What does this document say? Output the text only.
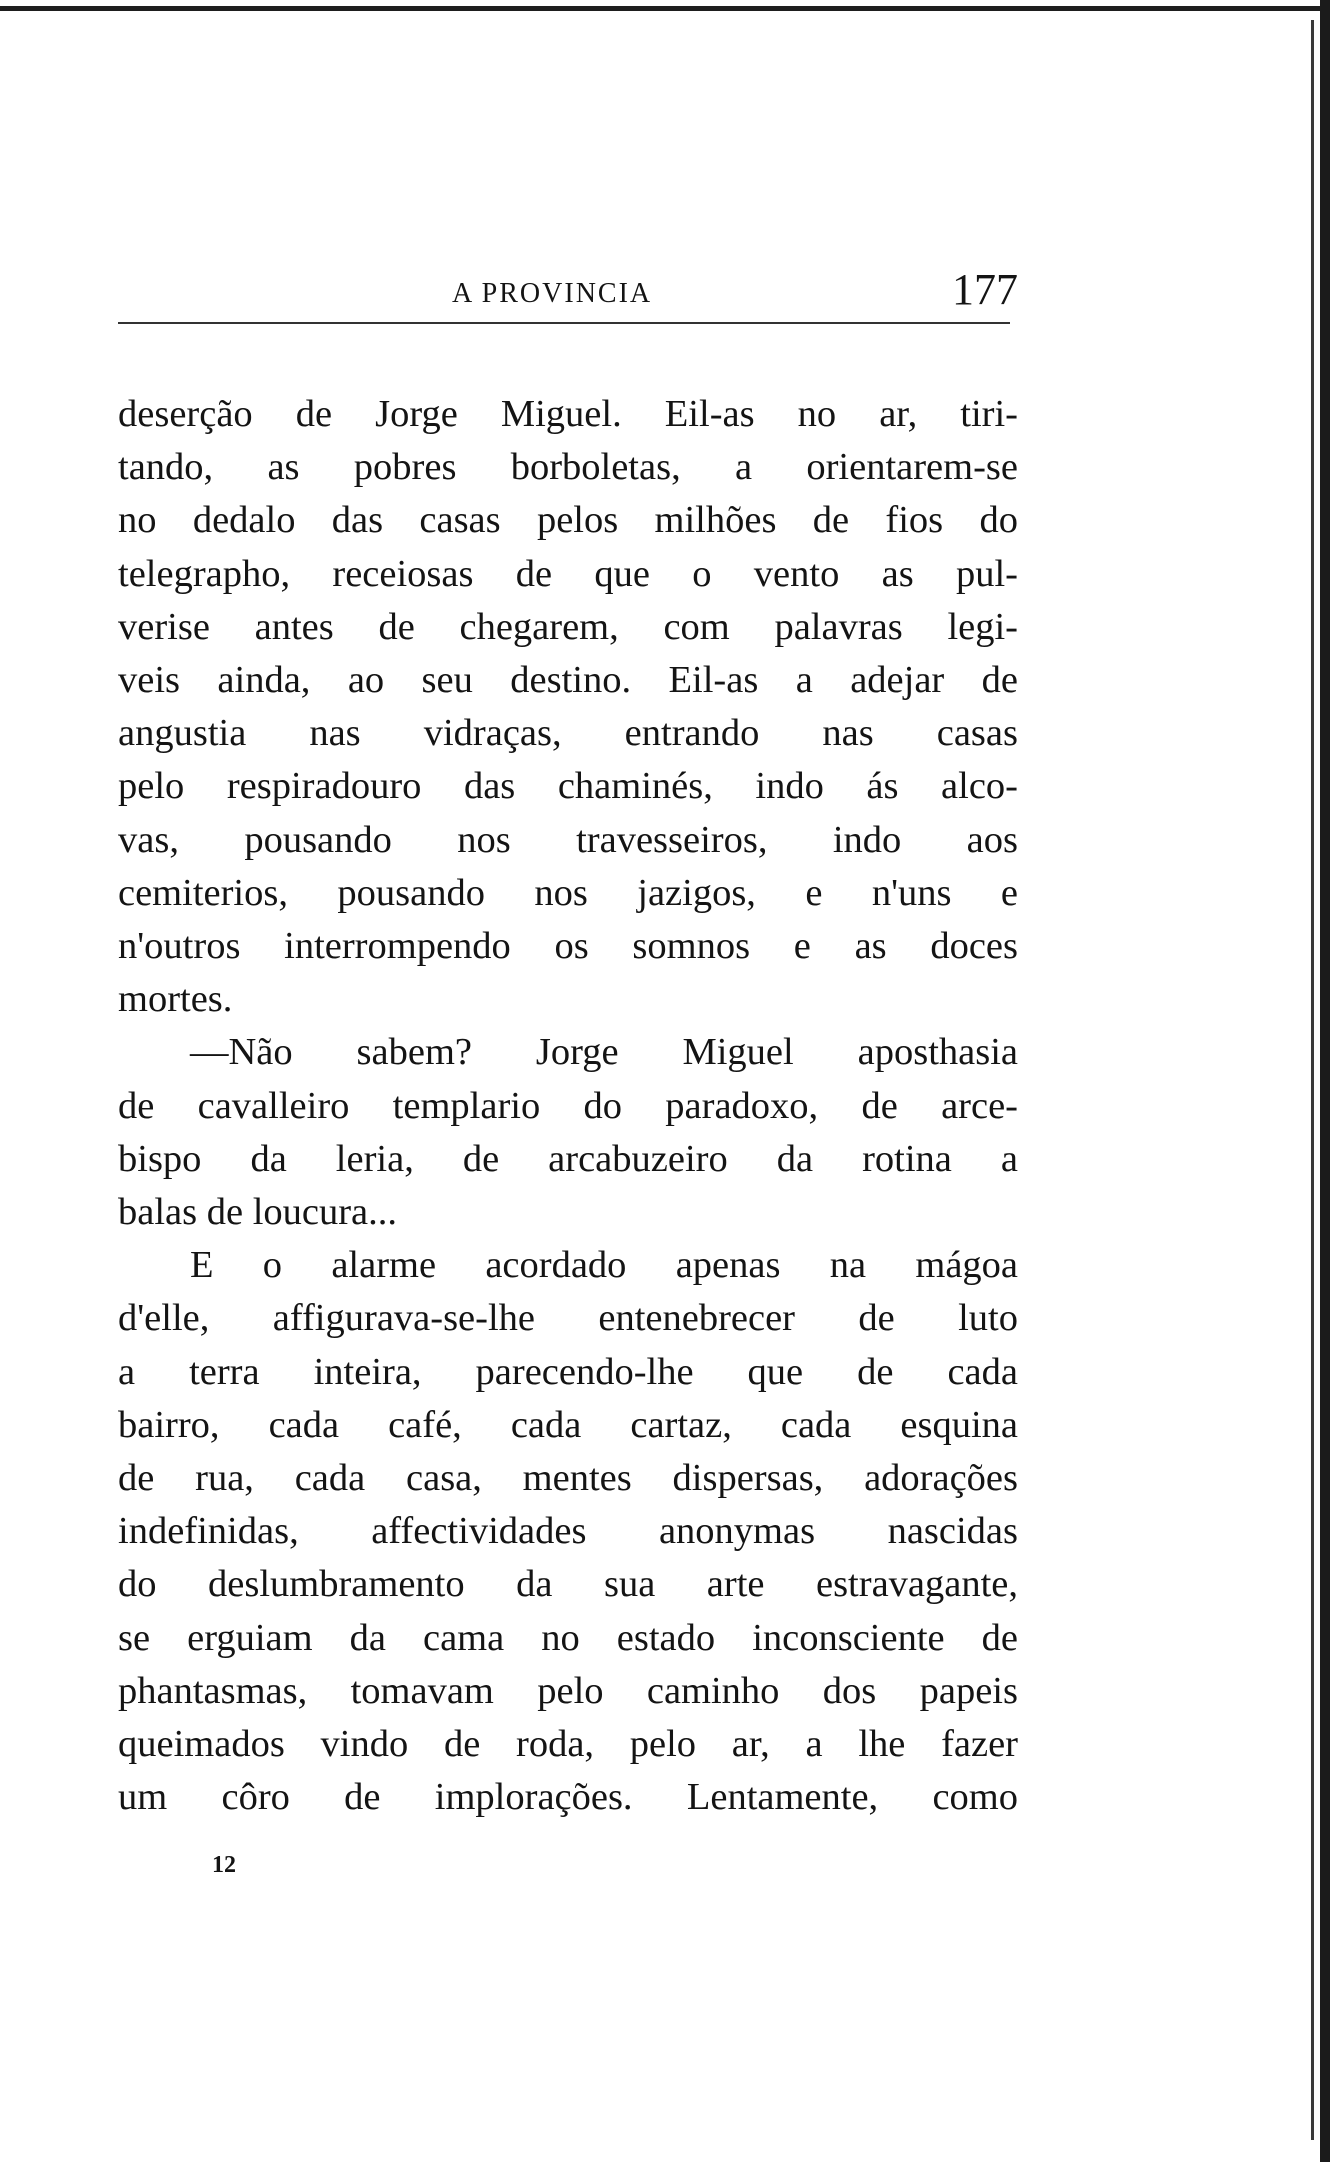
A PROVINCIA	177
deserção de Jorge Miguel. Eil-as no ar, tiri-
tando, as pobres borboletas, a orientarem-se
no dedalo das casas pelos milhões de fios do
telegrapho, receiosas de que o vento as pul-
verise antes de chegarem, com palavras legi-
veis ainda, ao seu destino. Eil-as a adejar de
angustia nas vidraças, entrando nas casas
pelo respiradouro das chaminés, indo ás alco-
vas, pousando nos travesseiros, indo aos
cemiterios, pousando nos jazigos, e n'uns e
n'outros interrompendo os somnos e as doces
mortes.
—Não sabem? Jorge Miguel aposthasia
de cavalleiro templario do paradoxo, de arce-
bispo da leria, de arcabuzeiro da rotina a
balas de loucura...
E o alarme acordado apenas na mágoa
d'elle, affigurava-se-lhe entenebrecer de luto
a terra inteira, parecendo-lhe que de cada
bairro, cada café, cada cartaz, cada esquina
de rua, cada casa, mentes dispersas, adorações
indefinidas, affectividades anonymas nascidas
do deslumbramento da sua arte estravagante,
se erguiam da cama no estado inconsciente de
phantasmas, tomavam pelo caminho dos papeis
queimados vindo de roda, pelo ar, a lhe fazer
um côro de implorações. Lentamente, como
12
